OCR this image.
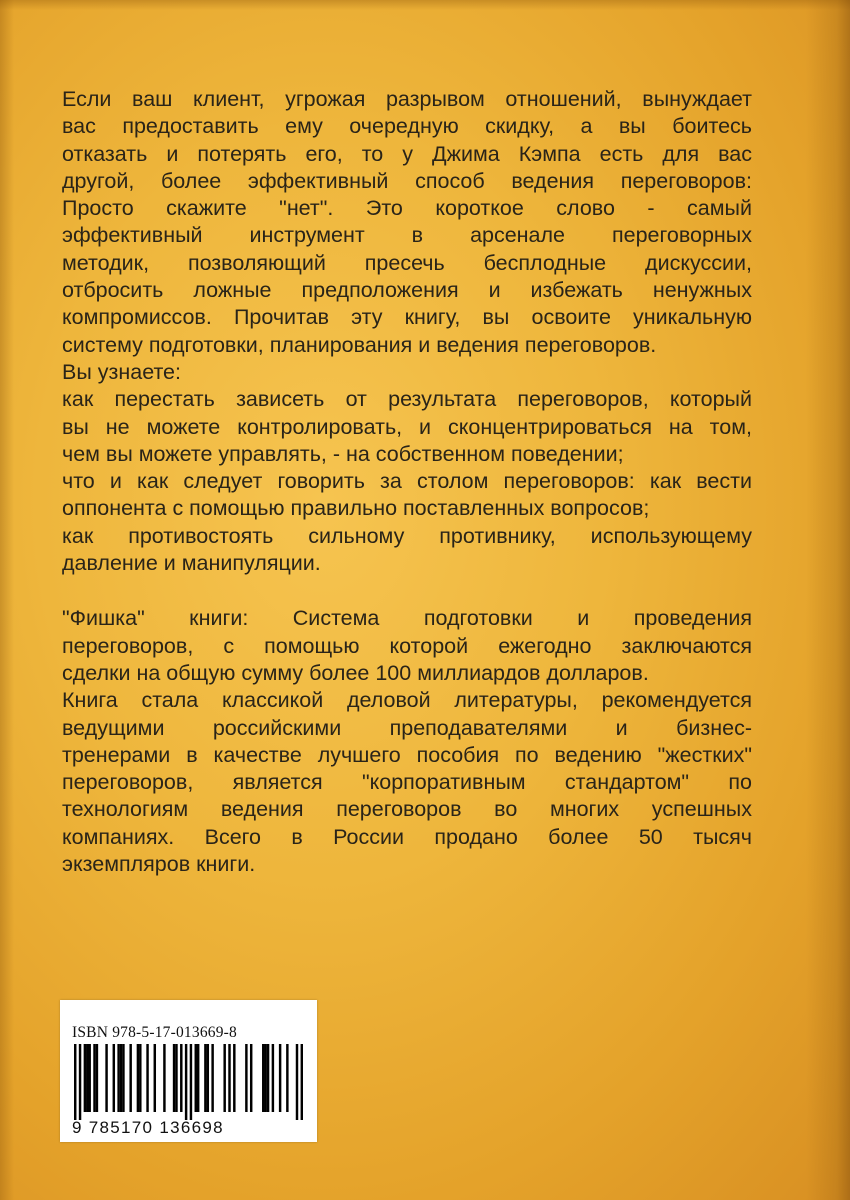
Если ваш клиент, угрожая разрывом отношений, вынуждает

вас предоставить ему очередную скидку, а вы боитесь

отказать и потерять его, то у Джима Кэмпа есть для вас

другой, более эффективный способ ведения переговоров:

Просто скажите "нет". Это короткое слово - самый

эффективный инструмент в арсенале переговорных

методик, позволяющий пресечь бесплодные дискуссии,

отбросить ложные предположения и избежать ненужных

компромиссов. Прочитав эту книгу, вы освоите уникальную

систему подготовки, планирования и ведения переговоров.

Вы узнаете:

как перестать зависеть от результата переговоров, который

вы не можете контролировать, и сконцентрироваться на том,

чем вы можете управлять, - на собственном поведении;

что и как следует говорить за столом переговоров: как вести

оппонента с помощью правильно поставленных вопросов;

как противостоять сильному противнику, использующему

давление и манипуляции.

"Фишка" книги: Система подготовки и проведения

переговоров, с помощью которой ежегодно заключаются

сделки на общую сумму более 100 миллиардов долларов.

Книга стала классикой деловой литературы, рекомендуется

ведущими российскими преподавателями и бизнес-

тренерами в качестве лучшего пособия по ведению "жестких"

переговоров, является "корпоративным стандартом" по

технологиям ведения переговоров во многих успешных

компаниях. Всего в России продано более 50 тысяч

экземпляров книги.

ISBN 978-5-17-013669-8
9 785170 136698
